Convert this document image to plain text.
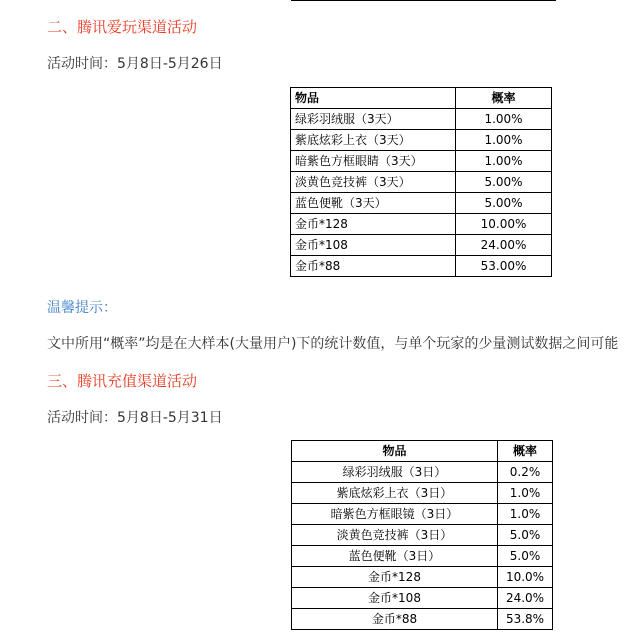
二、腾讯爱玩渠道活动

活动时间：5月8日-5月26日

物品	概率
绿彩羽绒服（3天）	1.00%
紫底炫彩上衣（3天）	1.00%
暗紫色方框眼睛（3天）	1.00%
淡黄色竞技裤（3天）	5.00%
蓝色便靴（3天）	5.00%
金币*128	10.00%
金币*108	24.00%
金币*88	53.00%

温馨提示：

文中所用“概率”均是在大样本(大量用户)下的统计数值，与单个玩家的少量测试数据之间可能

三、腾讯充值渠道活动

活动时间：5月8日-5月31日

物品	概率
绿彩羽绒服（3日）	0.2%
紫底炫彩上衣（3日）	1.0%
暗紫色方框眼镜（3日）	1.0%
淡黄色竞技裤（3日）	5.0%
蓝色便靴（3日）	5.0%
金币*128	10.0%
金币*108	24.0%
金币*88	53.8%
